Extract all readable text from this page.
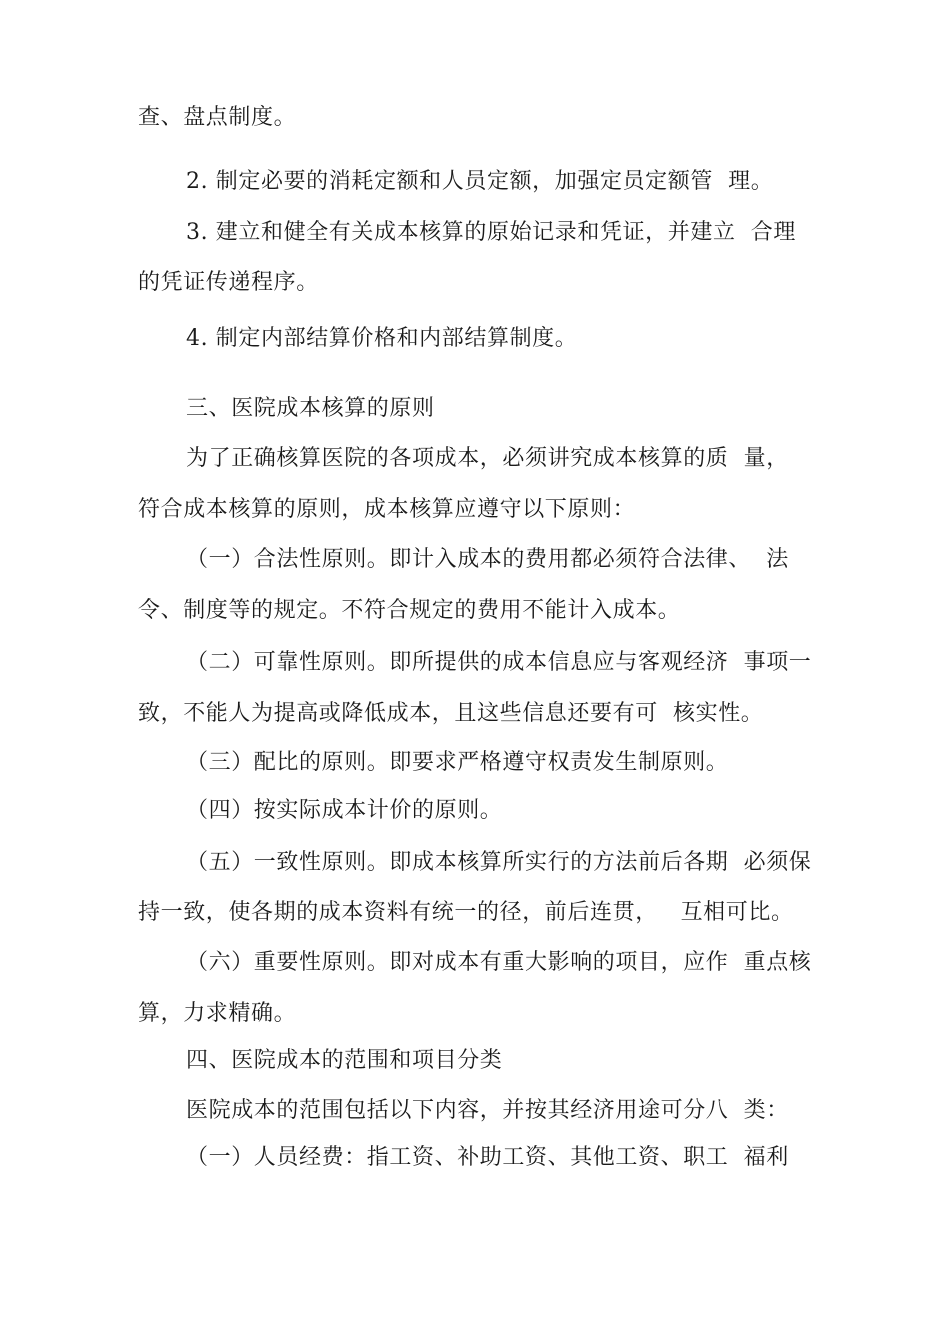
查、盘点制度。
2. 制定必要的消耗定额和人员定额，加强定员定额管  理。
3. 建立和健全有关成本核算的原始记录和凭证，并建立  合理
的凭证传递程序。
4. 制定内部结算价格和内部结算制度。
三、医院成本核算的原则
为了正确核算医院的各项成本，必须讲究成本核算的质  量，
符合成本核算的原则，成本核算应遵守以下原则：
（一）合法性原则。即计入成本的费用都必须符合法律、  法
令、制度等的规定。不符合规定的费用不能计入成本。
（二）可靠性原则。即所提供的成本信息应与客观经济  事项一
致，不能人为提高或降低成本，且这些信息还要有可  核实性。
（三）配比的原则。即要求严格遵守权责发生制原则。
（四）按实际成本计价的原则。
（五）一致性原则。即成本核算所实行的方法前后各期  必须保
持一致，使各期的成本资料有统一的径，前后连贯，   互相可比。
（六）重要性原则。即对成本有重大影响的项目，应作  重点核
算，力求精确。
四、医院成本的范围和项目分类
医院成本的范围包括以下内容，并按其经济用途可分八  类：
（一）人员经费：指工资、补助工资、其他工资、职工  福利
